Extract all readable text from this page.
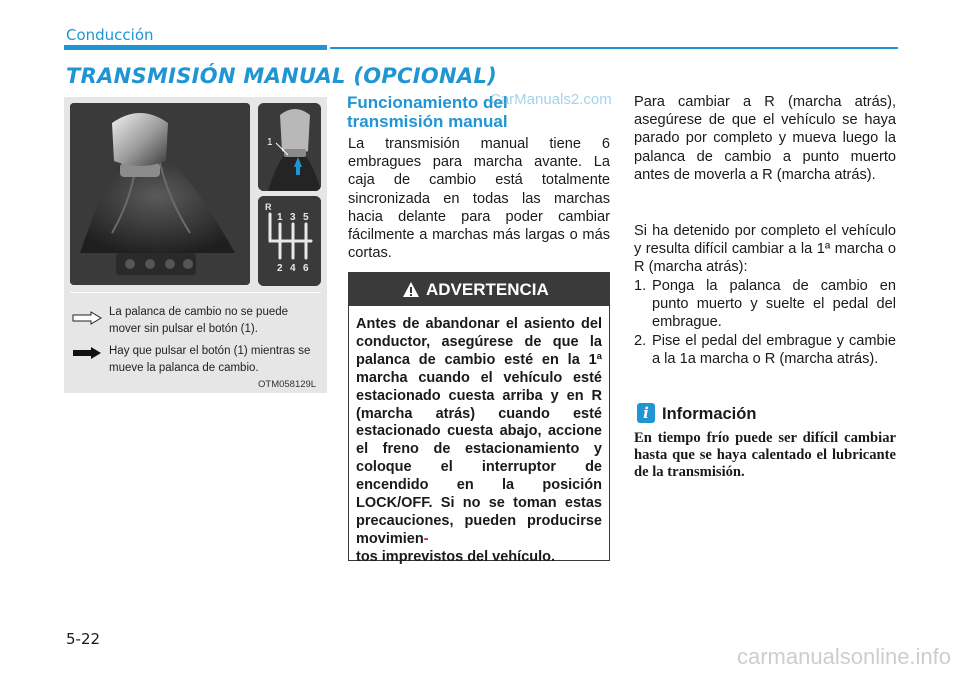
Conducción
TRANSMISIÓN MANUAL (OPCIONAL)
1
R
1 3 5
2 4 6
La palanca de cambio no se puede mover sin pulsar el botón (1).
Hay que pulsar el botón (1) mientras se mueve la palanca de cambio.
OTM058129L
Funcionamiento del transmisión manual
CarManuals2.com
La transmisión manual tiene 6 embragues para marcha avante. La caja de cambio está totalmente sincronizada en todas las marchas hacia delante para poder cambiar fácilmente a marchas más largas o más cortas.
ADVERTENCIA
Antes de abandonar el asiento del conductor, asegúrese de que la palanca de cambio esté en la 1ª marcha cuando el vehículo esté estacionado cuesta arriba y en R (marcha atrás) cuando esté estacionado cuesta abajo, accione el freno de estacionamiento y coloque el interruptor de encendido en la posición LOCK/OFF. Si no se toman estas precauciones, pueden producirse movimien-
tos imprevistos del vehículo.
Para cambiar a R (marcha atrás), asegúrese de que el vehículo se haya parado por completo y mueva luego la palanca de cambio a punto muerto antes de moverla a R (marcha atrás).
Si ha detenido por completo el vehículo y resulta difícil cambiar a la 1ª marcha o R (marcha atrás):
1. Ponga la palanca de cambio en punto muerto y suelte el pedal del embrague.
2. Pise el pedal del embrague y cambie a la 1a marcha o R (marcha atrás).
i Información
En tiempo frío puede ser difícil cambiar hasta que se haya calentado el lubricante de la transmisión.
5-22
carmanualsonline.info
